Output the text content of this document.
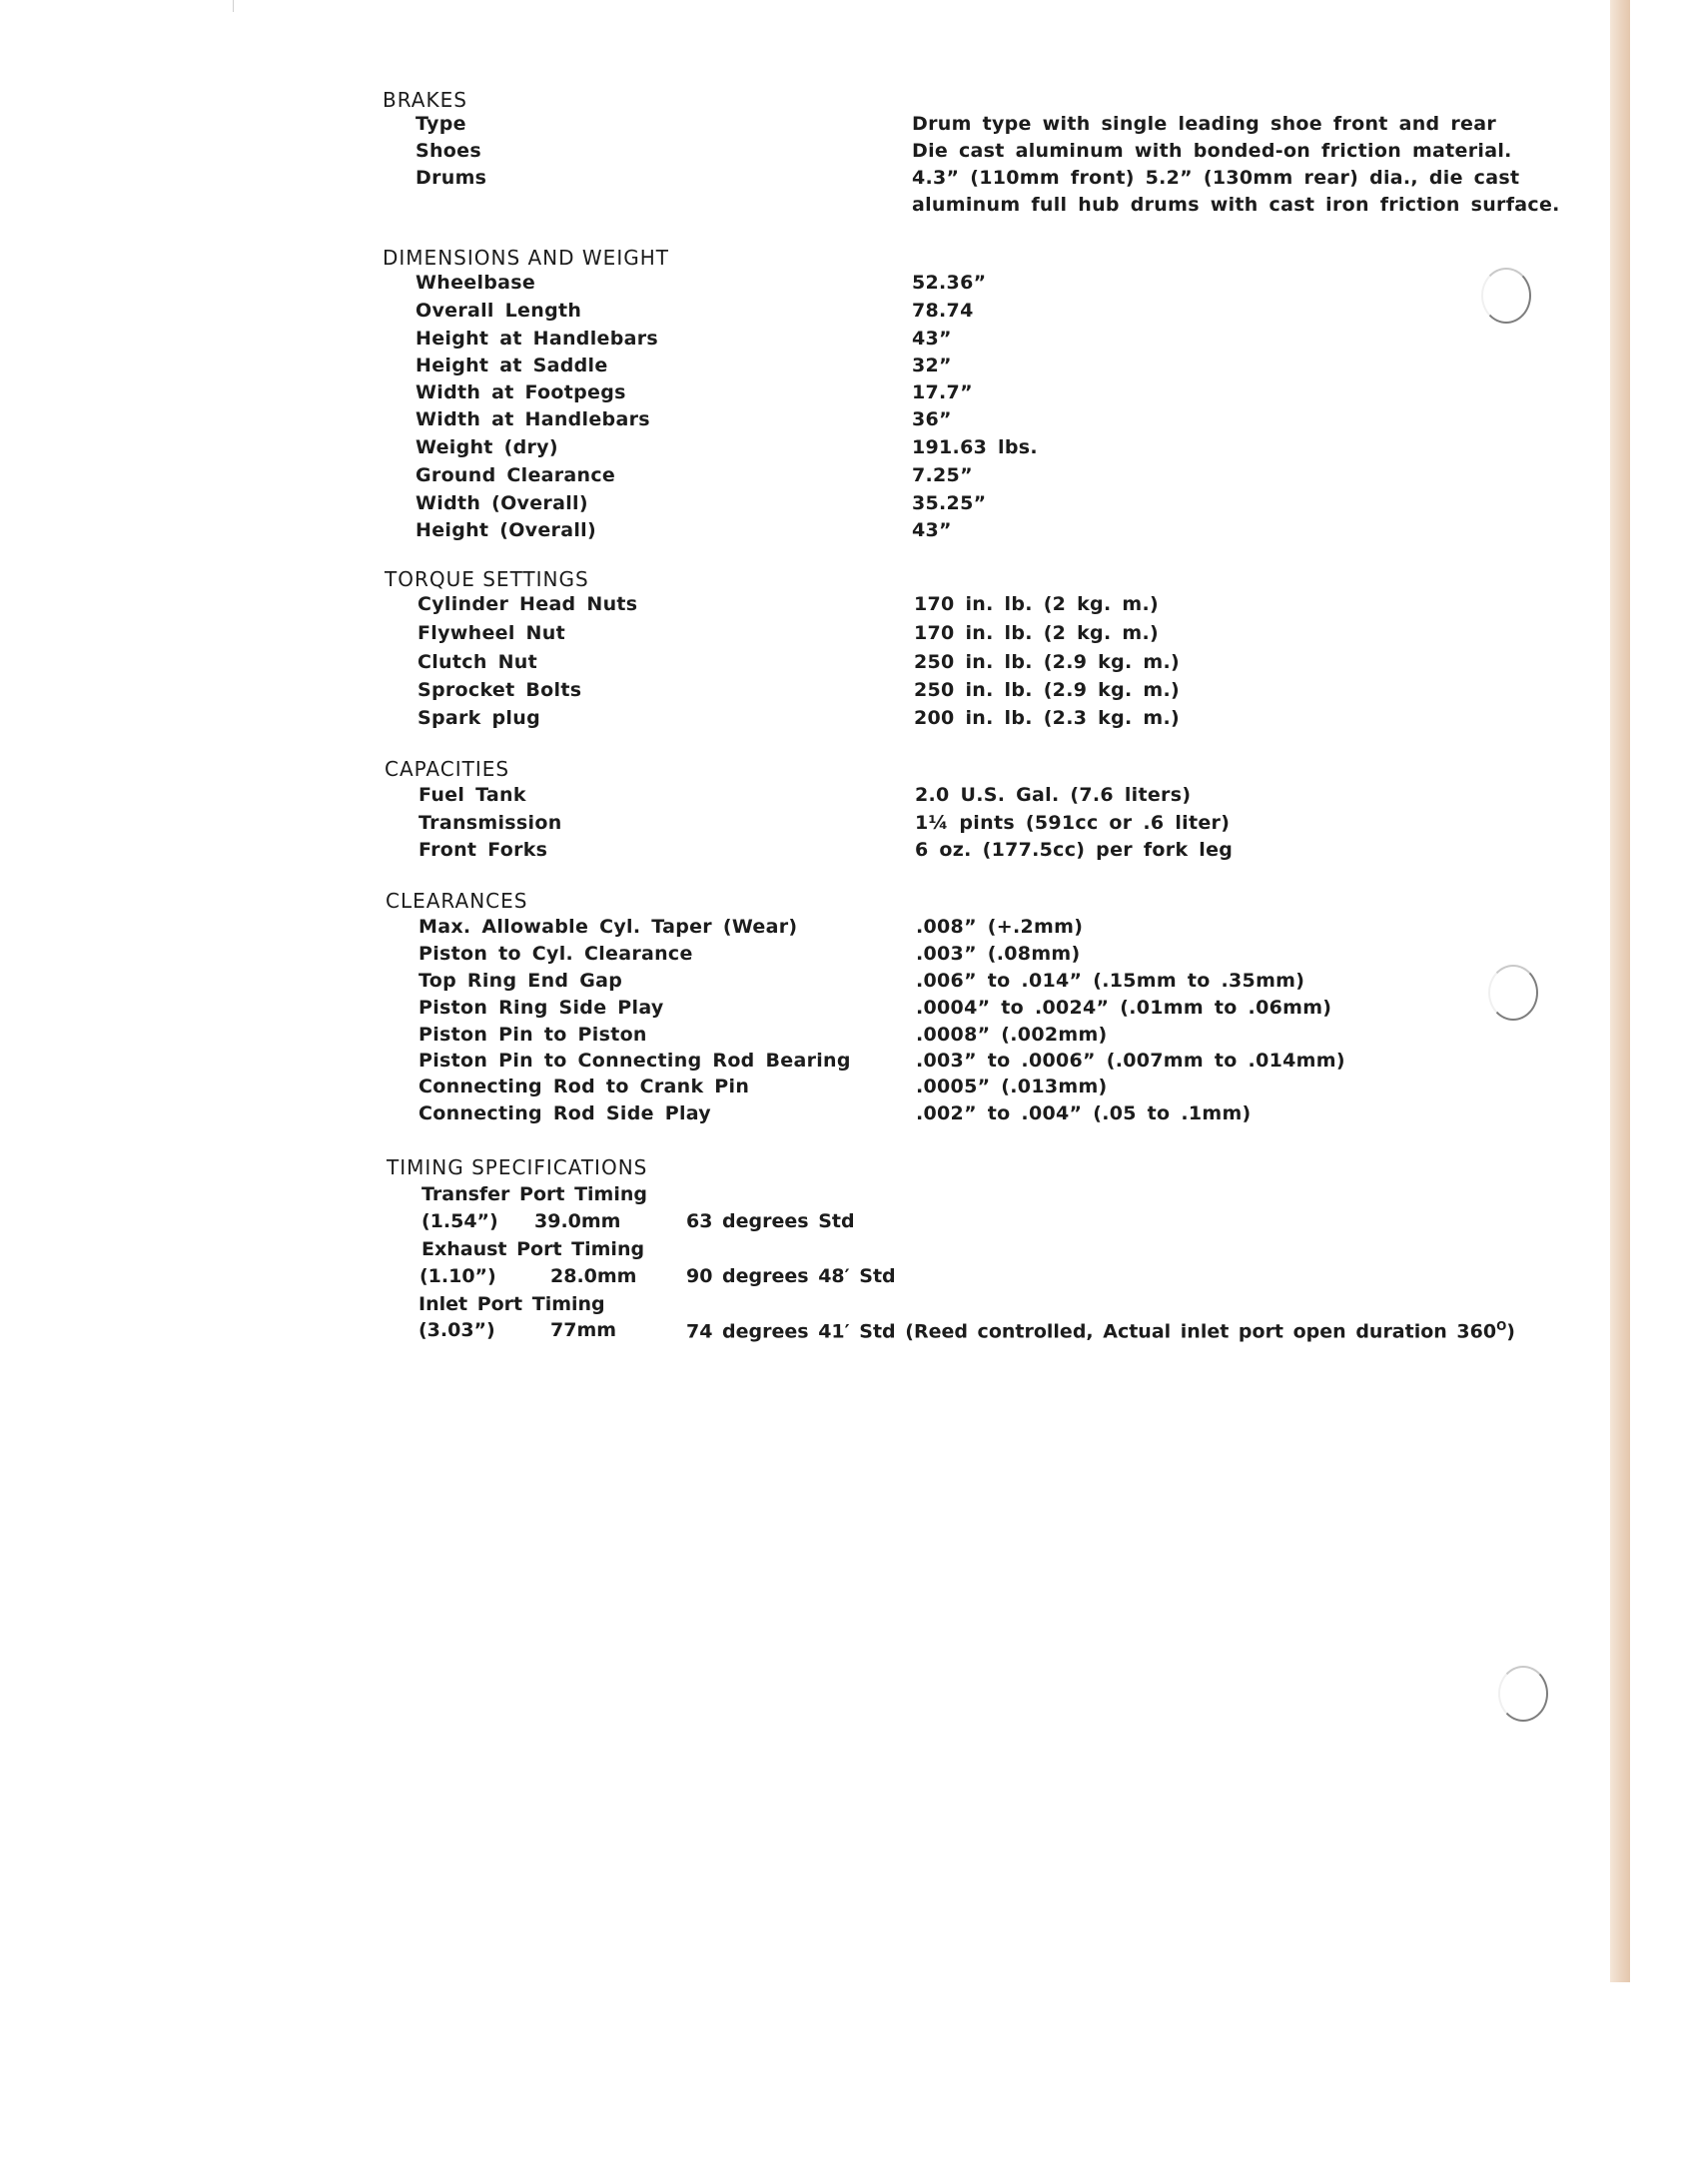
BRAKES
Type	Drum type with single leading shoe front and rear
Shoes	Die cast aluminum with bonded-on friction material.
Drums	4.3” (110mm front) 5.2” (130mm rear) dia., die cast
aluminum full hub drums with cast iron friction surface.
DIMENSIONS AND WEIGHT
Wheelbase	52.36”
Overall Length	78.74
Height at Handlebars	43”
Height at Saddle	32”
Width at Footpegs	17.7”
Width at Handlebars	36”
Weight (dry)	191.63 lbs.
Ground Clearance	7.25”
Width (Overall)	35.25”
Height (Overall)	43”
TORQUE SETTINGS
Cylinder Head Nuts	170 in. lb. (2 kg. m.)
Flywheel Nut	170 in. lb. (2 kg. m.)
Clutch Nut	250 in. lb. (2.9 kg. m.)
Sprocket Bolts	250 in. lb. (2.9 kg. m.)
Spark plug	200 in. lb. (2.3 kg. m.)
CAPACITIES
Fuel Tank	2.0 U.S. Gal. (7.6 liters)
Transmission	1¼ pints (591cc or .6 liter)
Front Forks	6 oz. (177.5cc) per fork leg
CLEARANCES
Max. Allowable Cyl. Taper (Wear)	.008” (+.2mm)
Piston to Cyl. Clearance	.003” (.08mm)
Top Ring End Gap	.006” to .014” (.15mm to .35mm)
Piston Ring Side Play	.0004” to .0024” (.01mm to .06mm)
Piston Pin to Piston	.0008” (.002mm)
Piston Pin to Connecting Rod Bearing	.003” to .0006” (.007mm to .014mm)
Connecting Rod to Crank Pin	.0005” (.013mm)
Connecting Rod Side Play	.002” to .004” (.05 to .1mm)
TIMING SPECIFICATIONS
Transfer Port Timing
(1.54”) 39.0mm	63 degrees Std
Exhaust Port Timing
(1.10”)	28.0mm	90 degrees 48′ Std
Inlet Port Timing
(3.03”)	77mm	74 degrees 41′ Std (Reed controlled, Actual inlet port open duration $360^O$)
